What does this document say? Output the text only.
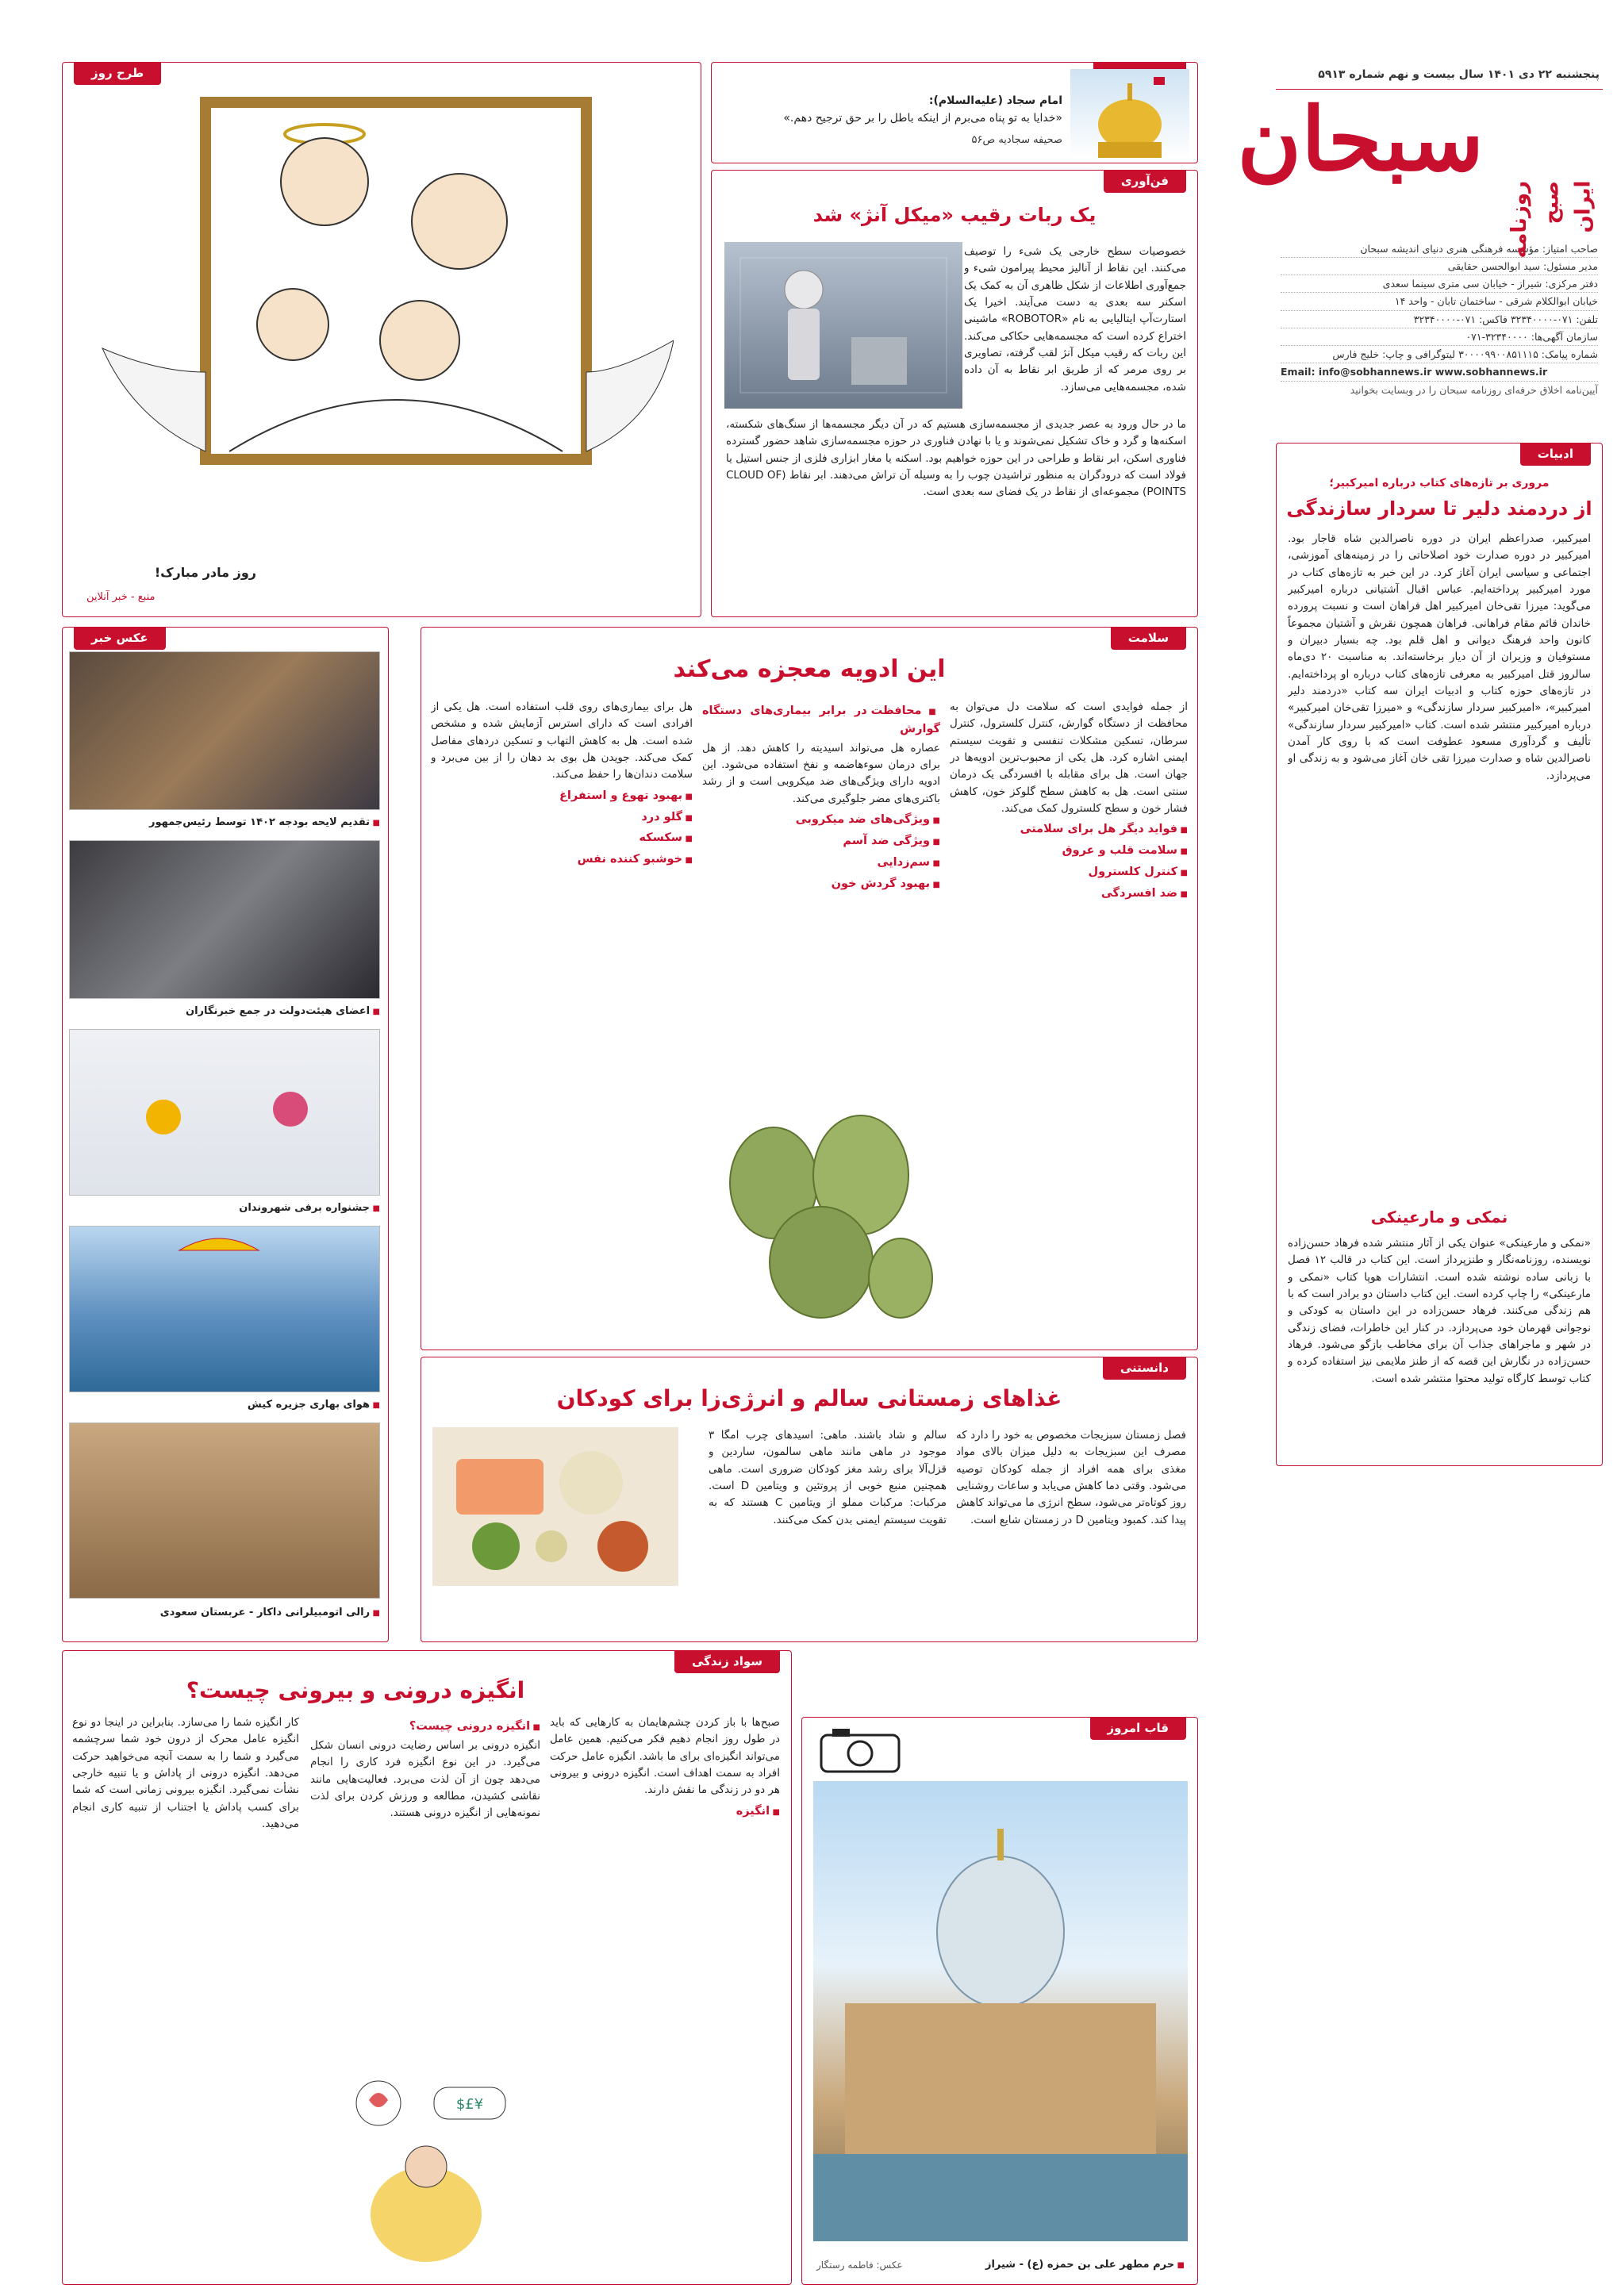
پنجشنبه ۲۲ دی ۱۴۰۱ سال بیست و نهم شماره ۵۹۱۳
سبحان
روزنامه صبح ایران
صاحب امتیاز: مؤسسه فرهنگی هنری دنیای اندیشه سبحان
مدیر مسئول: سید ابوالحسن حقایقی
دفتر مرکزی: شیراز - خیابان سی متری سینما سعدی
خیابان ابوالکلام شرقی - ساختمان تابان - واحد ۱۴
تلفن: ۰۷۱-۳۲۳۴۰۰۰۰ فاکس: ۰۷۱-۳۲۳۴۰۰۰۰
سازمان آگهی‌ها: ۳۲۳۴۰۰۰۰-۰۷۱
شماره پیامک: ۳۰۰۰۰۹۹۰۰۸۵۱۱۱۵ لیتوگرافی و چاپ: خلیج فارس
Email: info@sobhannews.ir www.sobhannews.ir
آیین‌نامه اخلاق حرفه‌ای روزنامه سبحان را در وبسایت بخوانید
امام سجاد (علیه‌السلام):
«خدایا به تو پناه می‌برم از اینکه باطل را بر حق ترجیح دهم.»
صحیفه سجادیه ص۵۶
طرح روز
روز مادر مبارک!
منبع - خبر آنلاین
فن‌آوری
یک ربات رقیب «میکل آنژ» شد
خصوصیات سطح خارجی یک شیء را توصیف می‌کنند. این نقاط از آنالیز محیط پیرامون شیء و جمع‌آوری اطلاعات از شکل ظاهری آن به کمک یک اسکنر سه بعدی به دست می‌آیند. اخیرا یک استارت‌آپ ایتالیایی به نام «ROBOTOR» ماشینی اختراع کرده است که مجسمه‌هایی حکاکی می‌کند. این ربات که رقیب میکل آنژ لقب گرفته، تصاویری بر روی مرمر که از طریق ابر نقاط به آن داده شده، مجسمه‌هایی می‌سازد.
ما در حال ورود به عصر جدیدی از مجسمه‌سازی هستیم که در آن دیگر مجسمه‌ها از سنگ‌های شکسته، اسکنه‌ها و گرد و خاک تشکیل نمی‌شوند و یا با نهادن فناوری در حوزه مجسمه‌سازی شاهد حضور گسترده فناوری اسکن، ابر نقاط و طراحی در این حوزه خواهیم بود. اسکنه یا مغار ابزاری فلزی از جنس استیل یا فولاد است که درودگران به منظور تراشیدن چوب را به وسیله آن تراش می‌دهند. ابر نقاط (CLOUD OF POINTS) مجموعه‌ای از نقاط در یک فضای سه بعدی است.
ادبیات
مروری بر تازه‌های کتاب درباره امیرکبیر؛
از دردمند دلیر تا سردار سازندگی
امیرکبیر، صدراعظم ایران در دوره ناصرالدین شاه قاجار بود. امیرکبیر در دوره صدارت خود اصلاحاتی را در زمینه‌های آموزشی، اجتماعی و سیاسی ایران آغاز کرد. در این خبر به تازه‌های کتاب در مورد امیرکبیر پرداخته‌ایم. عباس اقبال آشتیانی درباره امیرکبیر می‌گوید: میرزا تقی‌خان امیرکبیر اهل فراهان است و نسبت پرورده خاندان قائم مقام فراهانی. فراهان همچون نقرش و آشتیان مجموعاً کانون واحد فرهنگ دیوانی و اهل قلم بود. چه بسیار دبیران و مستوفیان و وزیران از آن دیار برخاسته‌اند. به مناسبت ۲۰ دی‌ماه سالروز قتل امیرکبیر به معرفی تازه‌های کتاب درباره او پرداخته‌ایم. در تازه‌های حوزه کتاب و ادبیات ایران سه کتاب «دردمند دلیر امیرکبیر»، «امیرکبیر سردار سازندگی» و «میرزا تقی‌خان امیرکبیر» درباره امیرکبیر منتشر شده است. کتاب «امیرکبیر سردار سازندگی» تألیف و گردآوری مسعود عطوفت است که با روی کار آمدن ناصرالدین شاه و صدارت میرزا تقی خان آغاز می‌شود و به زندگی او می‌پردازد.
نمکی و مارعینکی
«نمکی و مارعینکی» عنوان یکی از آثار منتشر شده فرهاد حسن‌زاده نویسنده، روزنامه‌نگار و طنزپرداز است. این کتاب در قالب ۱۲ فصل با زبانی ساده نوشته شده است. انتشارات هوپا کتاب «نمکی و مارعینکی» را چاپ کرده است. این کتاب داستان دو برادر است که با هم زندگی می‌کنند. فرهاد حسن‌زاده در این داستان به کودکی و نوجوانی قهرمان خود می‌پردازد. در کنار این خاطرات، فضای زندگی در شهر و ماجراهای جذاب آن برای مخاطب بازگو می‌شود. فرهاد حسن‌زاده در نگارش این قصه که از طنز ملایمی نیز استفاده کرده و کتاب توسط کارگاه تولید محتوا منتشر شده است.
عکس خبر
■ تقدیم لایحه بودجه ۱۴۰۲ توسط رئیس‌جمهور
■ اعضای هیئت‌دولت در جمع خبرنگاران
■ جشنواره برفی شهروندان
■ هوای بهاری جزیره کیش
■ رالی اتومبیلرانی داکار - عربستان سعودی
سلامت
این ادویه معجزه می‌کند

از جمله فوایدی است که سلامت دل می‌توان به محافظت از دستگاه گوارش، کنترل کلسترول، کنترل سرطان، تسکین مشکلات تنفسی و تقویت سیستم ایمنی اشاره کرد. هل یکی از محبوب‌ترین ادویه‌ها در جهان است. هل برای مقابله با افسردگی یک درمان سنتی است. هل به کاهش سطح گلوکز خون، کاهش فشار خون و سطح کلسترول کمک می‌کند.

■ فواید دیگر هل برای سلامتی
■ سلامت قلب و عروق
■ کنترل کلسترول
■ ضد افسردگی
■ محافظت در برابر بیماری‌های دستگاه گوارش

عصاره هل می‌تواند اسیدیته را کاهش دهد. از هل برای درمان سوءهاضمه و نفخ استفاده می‌شود. این ادویه دارای ویژگی‌های ضد میکروبی است و از رشد باکتری‌های مضر جلوگیری می‌کند.

■ ویژگی‌های ضد میکروبی
■ ویژگی ضد آسم
■ سم‌زدایی
■ بهبود گردش خون

هل برای بیماری‌های روی قلب استفاده است. هل یکی از افرادی است که دارای استرس آزمایش شده و مشخص شده است. هل به کاهش التهاب و تسکین دردهای مفاصل کمک می‌کند. جویدن هل بوی بد دهان را از بین می‌برد و سلامت دندان‌ها را حفظ می‌کند.

■ بهبود تهوع و استفراغ
■ گلو درد
■ سکسکه
■ خوشبو کننده نفس
دانستنی
غذاهای زمستانی سالم و انرژی‌زا برای کودکان
فصل زمستان سبزیجات مخصوص به خود را دارد که مصرف این سبزیجات به دلیل میزان بالای مواد مغذی برای همه افراد از جمله کودکان توصیه می‌شود. وقتی دما کاهش می‌یابد و ساعات روشنایی روز کوتاه‌تر می‌شود، سطح انرژی ما می‌تواند کاهش پیدا کند. کمبود ویتامین D در زمستان شایع است.
سالم و شاد باشند. ماهی: اسیدهای چرب امگا ۳ موجود در ماهی مانند ماهی سالمون، ساردین و قزل‌آلا برای رشد مغز کودکان ضروری است. ماهی همچنین منبع خوبی از پروتئین و ویتامین D است. مرکبات: مرکبات مملو از ویتامین C هستند که به تقویت سیستم ایمنی بدن کمک می‌کنند.
سواد زندگی
انگیزه درونی و بیرونی چیست؟

صبح‌ها با باز کردن چشم‌هایمان به کارهایی که باید در طول روز انجام دهیم فکر می‌کنیم. همین عامل می‌تواند انگیزه‌ای برای ما باشد. انگیزه عامل حرکت افراد به سمت اهداف است. انگیزه درونی و بیرونی هر دو در زندگی ما نقش دارند.

■ انگیزه
■ انگیزه درونی چیست؟

انگیزه درونی بر اساس رضایت درونی انسان شکل می‌گیرد. در این نوع انگیزه فرد کاری را انجام می‌دهد چون از آن لذت می‌برد. فعالیت‌هایی مانند نقاشی کشیدن، مطالعه و ورزش کردن برای لذت نمونه‌هایی از انگیزه درونی هستند.

¥£$
کار انگیزه شما را می‌سازد. بنابراین در اینجا دو نوع انگیزه عامل محرک از درون خود شما سرچشمه می‌گیرد و شما را به سمت آنچه می‌خواهید حرکت می‌دهد. انگیزه درونی از پاداش و یا تنبیه خارجی نشأت نمی‌گیرد. انگیزه بیرونی زمانی است که شما برای کسب پاداش یا اجتناب از تنبیه کاری انجام می‌دهید.
قاب امروز
■ حرم مطهر علی بن حمزه (ع) - شیراز
عکس: فاطمه رستگار
